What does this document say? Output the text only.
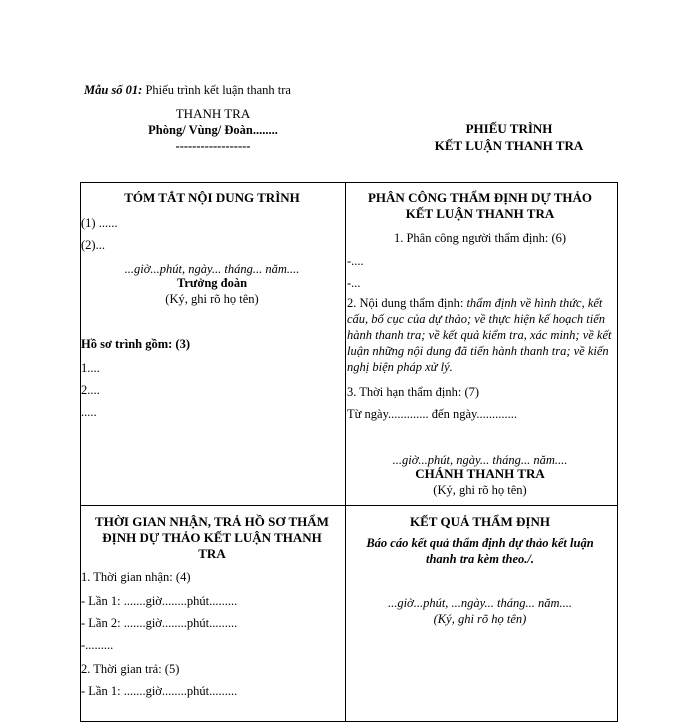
Mẫu số 01: Phiếu trình kết luận thanh tra
THANH TRA
Phòng/ Vùng/ Đoàn........
------------------
PHIẾU TRÌNH
KẾT LUẬN THANH TRA
TÓM TẮT NỘI DUNG TRÌNH
(1) ......
(2)...
...giờ...phút, ngày... tháng... năm....
Trưởng đoàn
(Ký, ghi rõ họ tên)
Hồ sơ trình gồm: (3)
1....
2....
.....
PHÂN CÔNG THẨM ĐỊNH DỰ THẢO
KẾT LUẬN THANH TRA
1. Phân công người thẩm định: (6)
-....
-...
2. Nội dung thẩm định: thẩm định về hình thức, kết cấu, bố cục của dự thảo; về thực hiện kế hoạch tiến hành thanh tra; về kết quả kiểm tra, xác minh; về kết luận những nội dung đã tiến hành thanh tra; về kiến nghị biện pháp xử lý.
3. Thời hạn thẩm định: (7)
Từ ngày............. đến ngày.............
...giờ...phút, ngày... tháng... năm....
CHÁNH THANH TRA
(Ký, ghi rõ họ tên)
THỜI GIAN NHẬN, TRẢ HỒ SƠ THẨM
ĐỊNH DỰ THẢO KẾT LUẬN THANH
TRA
1. Thời gian nhận: (4)
- Lần 1: .......giờ........phút.........
- Lần 2: .......giờ........phút.........
-.........
2. Thời gian trả: (5)
- Lần 1: .......giờ........phút.........
KẾT QUẢ THẨM ĐỊNH
Báo cáo kết quả thẩm định dự thảo kết luận
thanh tra kèm theo./.
...giờ...phút, ...ngày... tháng... năm....
(Ký, ghi rõ họ tên)
